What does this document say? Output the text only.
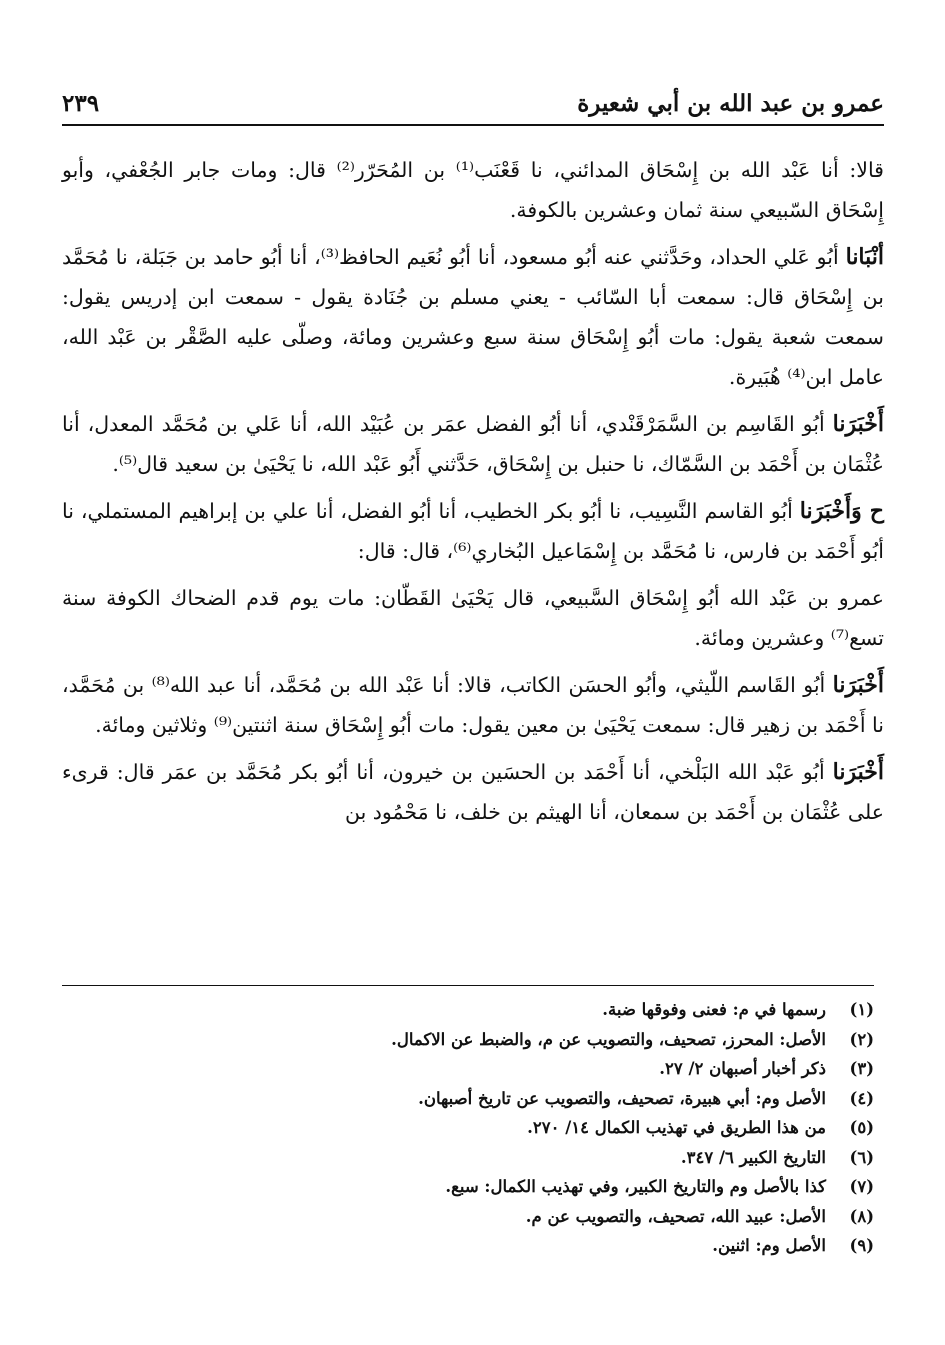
عمرو بن عبد الله بن أبي شعيرة
٢٣٩

قالا: أنا عَبْد الله بن إِسْحَاق المدائني، نا قَعْنَب⁽¹⁾ بن المُحَرّر⁽²⁾ قال: ومات جابر الجُعْفي، وأبو إِسْحَاق السّبيعي سنة ثمان وعشرين بالكوفة.

أنْبَانا أبُو عَلي الحداد، وحَدَّثني عنه أبُو مسعود، أنا أبُو نُعَيم الحافظ⁽³⁾، أنا أبُو حامد بن جَبَلة، نا مُحَمَّد بن إِسْحَاق قال: سمعت أبا السّائب - يعني مسلم بن جُنَادة يقول - سمعت ابن إدريس يقول: سمعت شعبة يقول: مات أبُو إِسْحَاق سنة سبع وعشرين ومائة، وصلّى عليه الصَّقْر بن عَبْد الله، عامل ابن⁽⁴⁾ هُبَيرة.

أَخْبَرَنا أبُو القَاسِم بن السَّمَرْقَنْدي، أنا أبُو الفضل عمَر بن عُبَيْد الله، أنا عَلي بن مُحَمَّد المعدل، أنا عُثْمَان بن أَحْمَد بن السَّمّاك، نا حنبل بن إِسْحَاق، حَدَّثني أَبُو عَبْد الله، نا يَحْيَىٰ بن سعيد قال⁽⁵⁾.

ح وَأَخْبَرَنا أبُو القاسم النَّسِيب، نا أبُو بكر الخطيب، أنا أبُو الفضل، أنا علي بن إبراهيم المستملي، نا أبُو أَحْمَد بن فارس، نا مُحَمَّد بن إِسْمَاعيل البُخاري⁽⁶⁾، قال: قال:

عمرو بن عَبْد الله أبُو إِسْحَاق السَّبيعي، قال يَحْيَىٰ القَطّان: مات يوم قدم الضحاك الكوفة سنة تسع⁽⁷⁾ وعشرين ومائة.

أَخْبَرَنا أبُو القَاسم اللّيثي، وأبُو الحسَن الكاتب، قالا: أنا عَبْد الله بن مُحَمَّد، أنا عبد الله⁽⁸⁾ بن مُحَمَّد، نا أَحْمَد بن زهير قال: سمعت يَحْيَىٰ بن معين يقول: مات أبُو إِسْحَاق سنة اثنتين⁽⁹⁾ وثلاثين ومائة.

أَخْبَرَنا أبُو عَبْد الله البَلْخي، أنا أَحْمَد بن الحسَين بن خيرون، أنا أبُو بكر مُحَمَّد بن عمَر قال: قرىء على عُثْمَان بن أَحْمَد بن سمعان، أنا الهيثم بن خلف، نا مَحْمُود بن

(١)
رسمها في م: فعنى وفوقها ضبة.
(٢)
الأصل: المحرز، تصحيف، والتصويب عن م، والضبط عن الاكمال.
(٣)
ذكر أخبار أصبهان ٢/ ٢٧.
(٤)
الأصل وم: أبي هبيرة، تصحيف، والتصويب عن تاريخ أصبهان.
(٥)
من هذا الطريق في تهذيب الكمال ١٤/ ٢٧٠.
(٦)
التاريخ الكبير ٦/ ٣٤٧.
(٧)
كذا بالأصل وم والتاريخ الكبير، وفي تهذيب الكمال: سبع.
(٨)
الأصل: عبيد الله، تصحيف، والتصويب عن م.
(٩)
الأصل وم: اثنين.
